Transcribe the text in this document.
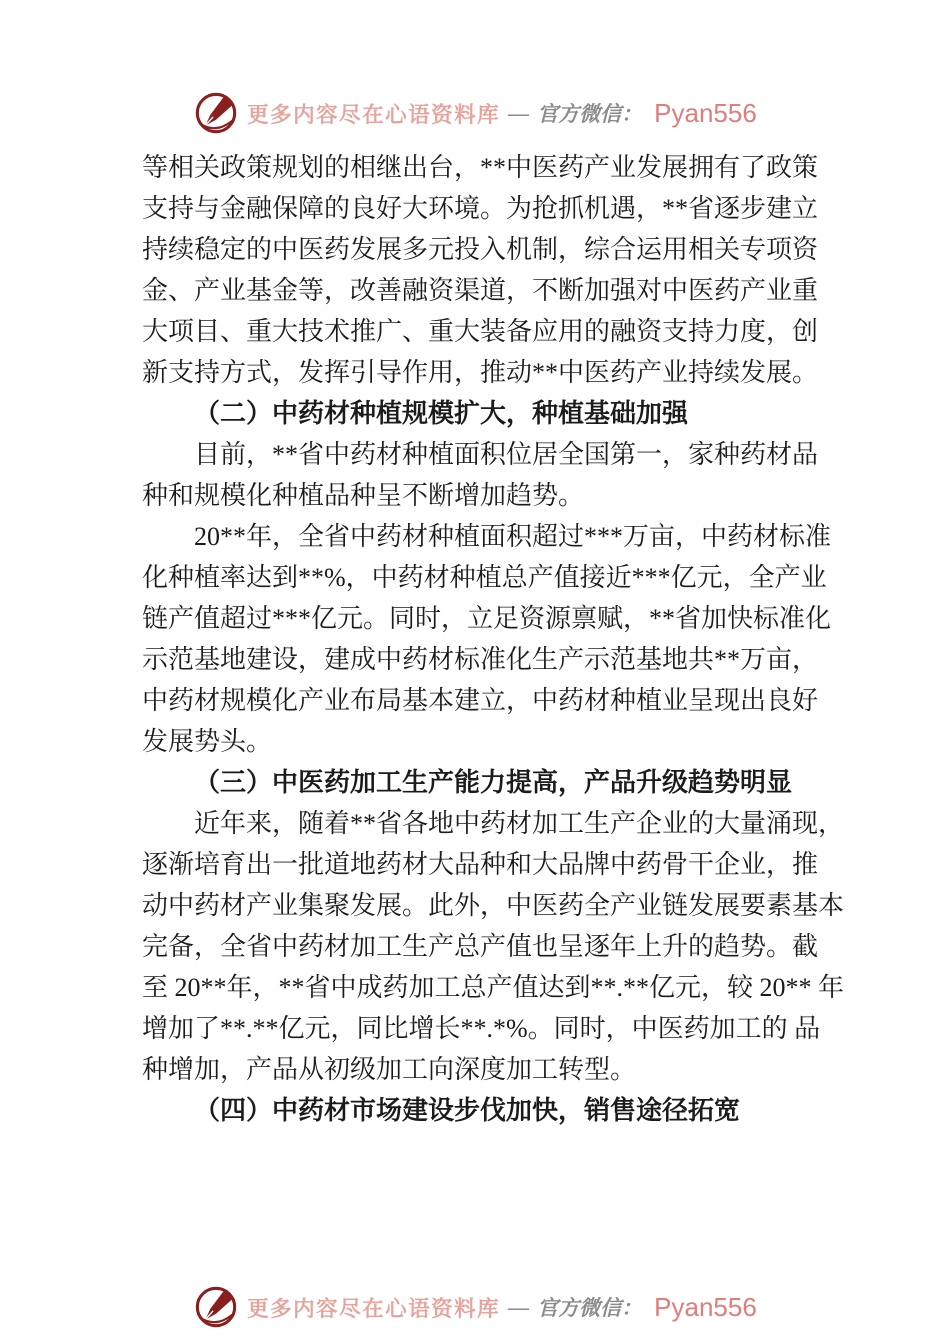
更多内容尽在心语资料库 — 官方微信： Pyan556
等相关政策规划的相继出台，**中医药产业发展拥有了政策
支持与金融保障的良好大环境。为抢抓机遇，**省逐步建立
持续稳定的中医药发展多元投入机制，综合运用相关专项资
金、产业基金等，改善融资渠道，不断加强对中医药产业重
大项目、重大技术推广、重大装备应用的融资支持力度，创
新支持方式，发挥引导作用，推动**中医药产业持续发展。
（二）中药材种植规模扩大，种植基础加强
目前，**省中药材种植面积位居全国第一，家种药材品
种和规模化种植品种呈不断增加趋势。
20**年，全省中药材种植面积超过***万亩，中药材标准
化种植率达到**%，中药材种植总产值接近***亿元，全产业
链产值超过***亿元。同时，立足资源禀赋，**省加快标准化
示范基地建设，建成中药材标准化生产示范基地共**万亩，
中药材规模化产业布局基本建立，中药材种植业呈现出良好
发展势头。
（三）中医药加工生产能力提高，产品升级趋势明显
近年来，随着**省各地中药材加工生产企业的大量涌现，
逐渐培育出一批道地药材大品种和大品牌中药骨干企业，推
动中药材产业集聚发展。此外，中医药全产业链发展要素基本
完备，全省中药材加工生产总产值也呈逐年上升的趋势。截
至 20**年，**省中成药加工总产值达到**.**亿元，较 20** 年
增加了**.**亿元，同比增长**.*%。同时，中医药加工的 品
种增加，产品从初级加工向深度加工转型。
（四）中药材市场建设步伐加快，销售途径拓宽
更多内容尽在心语资料库 — 官方微信： Pyan556
